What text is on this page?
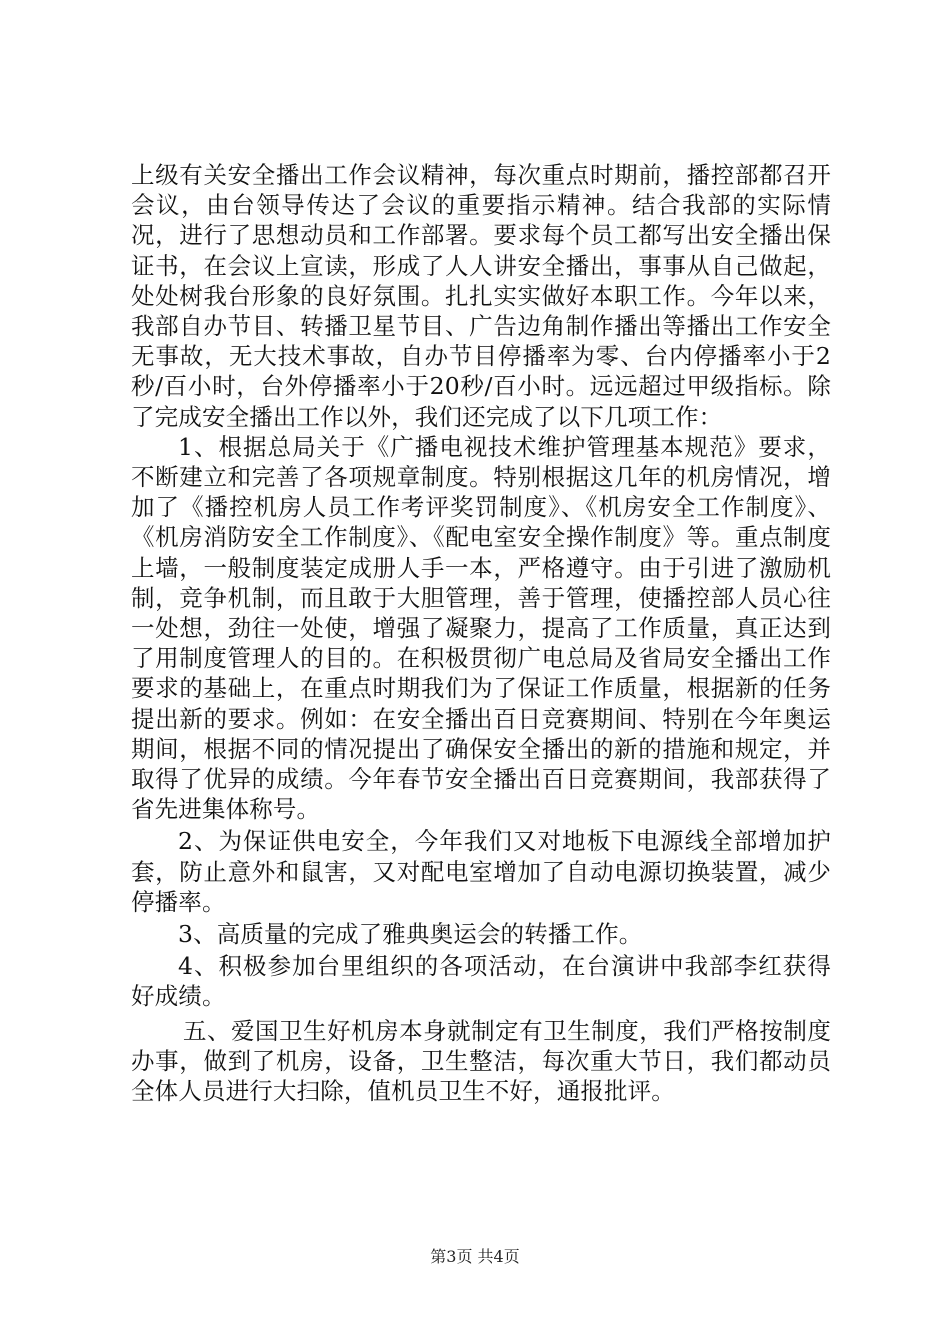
上级有关安全播出工作会议精神，每次重点时期前，播控部都召开会议，由台领导传达了会议的重要指示精神。结合我部的实际情况，进行了思想动员和工作部署。要求每个员工都写出安全播出保证书，在会议上宣读，形成了人人讲安全播出，事事从自己做起，处处树我台形象的良好氛围。扎扎实实做好本职工作。今年以来，我部自办节目、转播卫星节目、广告边角制作播出等播出工作安全无事故，无大技术事故，自办节目停播率为零、台内停播率小于2秒/百小时，台外停播率小于20秒/百小时。远远超过甲级指标。除了完成安全播出工作以外，我们还完成了以下几项工作：

1、根据总局关于《广播电视技术维护管理基本规范》要求，不断建立和完善了各项规章制度。特别根据这几年的机房情况，增加了《播控机房人员工作考评奖罚制度》、《机房安全工作制度》、《机房消防安全工作制度》、《配电室安全操作制度》等。重点制度上墙，一般制度装定成册人手一本，严格遵守。由于引进了激励机制，竞争机制，而且敢于大胆管理，善于管理，使播控部人员心往一处想，劲往一处使，增强了凝聚力，提高了工作质量，真正达到了用制度管理人的目的。在积极贯彻广电总局及省局安全播出工作要求的基础上，在重点时期我们为了保证工作质量，根据新的任务提出新的要求。例如：在安全播出百日竞赛期间、特别在今年奥运期间，根据不同的情况提出了确保安全播出的新的措施和规定，并取得了优异的成绩。今年春节安全播出百日竞赛期间，我部获得了省先进集体称号。

2、为保证供电安全，今年我们又对地板下电源线全部增加护套，防止意外和鼠害，又对配电室增加了自动电源切换装置，减少停播率。

3、高质量的完成了雅典奥运会的转播工作。

4、积极参加台里组织的各项活动，在台演讲中我部李红获得好成绩。

五、爱国卫生好机房本身就制定有卫生制度，我们严格按制度办事，做到了机房，设备，卫生整洁，每次重大节日，我们都动员全体人员进行大扫除，值机员卫生不好，通报批评。

第3页 共4页
